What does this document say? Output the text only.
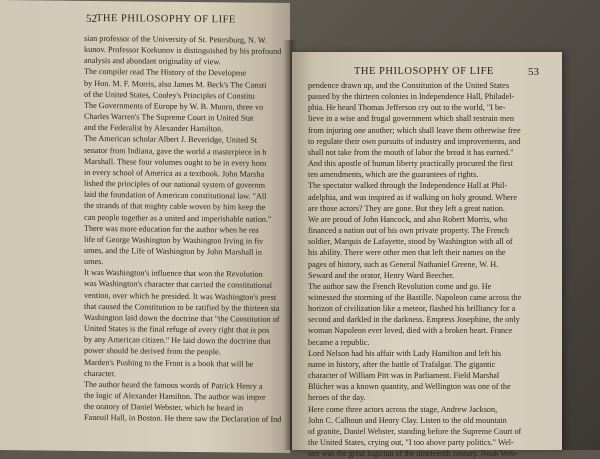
52 THE PHILOSOPHY OF LIFE
sian professor of the University of St. Petersburg, N. W.
kunov. Professor Korkunov is distinguished by his profound
analysis and abundant originality of view.
The compiler read The History of the Developme
by Hon. M. F. Morris, also James M. Beck's The Consti
of the United States, Cooley's Principles of Constitu
The Governments of Europe by W. B. Munro, three vo
Charles Warren's The Supreme Court in United Stat
and the Federalist by Alexander Hamilton.
The American scholar Albert J. Beveridge, United St
senator from Indiana, gave the world a masterpiece in h
Marshall. These four volumes ought to be in every hom
in every school of America as a textbook. John Marsha
lished the principles of our national system of governm
laid the foundation of American constitutional law. "All
the strands of that mighty cable woven by him keep the
can people together as a united and imperishable nation."
There was more education for the author when he rea
life of George Washington by Washington Irving in fiv
umes, and the Life of Washington by John Marshall in
umes.
It was Washington's influence that won the Revolution
was Washington's character that carried the constitutional
vention, over which he presided. It was Washington's prest
that caused the Constitution to be ratified by the thirteen sta
Washington laid down the doctrine that "the Constitution of
United States is the final refuge of every right that is pos
by any American citizen." He laid down the doctrine that
power should be derived from the people.
Marden's Pushing to the Front is a book that will be
character.
The author heard the famous words of Patrick Henry a
the logic of Alexander Hamilton. The author was impre
the oratory of Daniel Webster, which he heard in
Faneuil Hall, in Boston. He there saw the Declaration of Ind
THE PHILOSOPHY OF LIFE	53
pendence drawn up, and the Constitution of the United States
passed by the thirteen colonies in Independence Hall, Philadel-
phia. He heard Thomas Jefferson cry out to the world, "I be-
lieve in a wise and frugal government which shall restrain men
from injuring one another; which shall leave them otherwise free
to regulate their own pursuits of industry and improvements, and
shall not take from the mouth of labor the bread it has earned."
And this apostle of human liberty practically procured the first
ten amendments, which are the guarantees of rights.
The spectator walked through the Independence Hall at Phil-
adelphia, and was inspired as if walking on holy ground. Where
are those actors? They are gone. But they left a great nation.
We are proud of John Hancock, and also Robert Morris, who
financed a nation out of his own private property. The French
soldier, Marquis de Lafayette, stood by Washington with all of
his ability. There were other men that left their names on the
pages of history, such as General Nathaniel Greene, W. H.
Seward and the orator, Henry Ward Beecher.
The author saw the French Revolution come and go. He
witnessed the storming of the Bastille. Napoleon came across the
horizon of civilization like a meteor, flashed his brilliancy for a
second and darkled in the darkness. Empress Josephine, the only
woman Napoleon ever loved, died with a broken heart. France
became a republic.
Lord Nelson had his affair with Lady Hamilton and left his
name in history, after the battle of Trafalgar. The gigantic
character of William Pitt was in Parliament. Field Marshal
Blücher was a known quantity, and Wellington was one of the
heroes of the day.
Here come three actors across the stage, Andrew Jackson,
John C. Calhoun and Henry Clay. Listen to the old mountain
of granite, Daniel Webster, standing before the Supreme Court of
the United States, crying out, "I too above party politics." Wel-
ster was the great logician of the nineteenth century. Noah Web-
